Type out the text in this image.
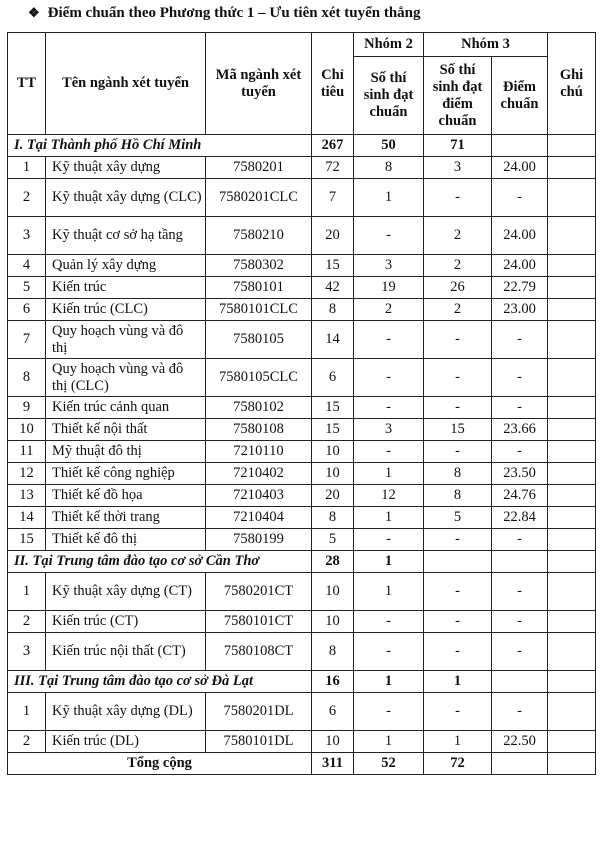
❖ Điểm chuẩn theo Phương thức 1 – Ưu tiên xét tuyển thẳng
TT	Tên ngành xét tuyển	Mã ngành xét tuyển	Chỉ tiêu	Nhóm 2	Nhóm 3		Ghi chú
				Số thí sinh đạt chuẩn	Số thí sinh đạt điểm chuẩn	Điểm chuẩn	
I. Tại Thành phố Hồ Chí Minh			267	50	71		
1	Kỹ thuật xây dựng	7580201	72	8	3	24.00	
2	Kỹ thuật xây dựng (CLC)	7580201CLC	7	1	-	-	
3	Kỹ thuật cơ sở hạ tầng	7580210	20	-	2	24.00	
4	Quản lý xây dựng	7580302	15	3	2	24.00	
5	Kiến trúc	7580101	42	19	26	22.79	
6	Kiến trúc (CLC)	7580101CLC	8	2	2	23.00	
7	Quy hoạch vùng và đô thị	7580105	14	-	-	-	
8	Quy hoạch vùng và đô thị (CLC)	7580105CLC	6	-	-	-	
9	Kiến trúc cảnh quan	7580102	15	-	-	-	
10	Thiết kế nội thất	7580108	15	3	15	23.66	
11	Mỹ thuật đô thị	7210110	10	-	-	-	
12	Thiết kế công nghiệp	7210402	10	1	8	23.50	
13	Thiết kế đồ họa	7210403	20	12	8	24.76	
14	Thiết kế thời trang	7210404	8	1	5	22.84	
15	Thiết kế đô thị	7580199	5	-	-	-	
II. Tại Trung tâm đào tạo cơ sở Cần Thơ			28	1			
1	Kỹ thuật xây dựng (CT)	7580201CT	10	1	-	-	
2	Kiến trúc (CT)	7580101CT	10	-	-	-	
3	Kiến trúc nội thất (CT)	7580108CT	8	-	-	-	
III. Tại Trung tâm đào tạo cơ sở Đà Lạt			16	1	1		
1	Kỹ thuật xây dựng (DL)	7580201DL	6	-	-	-	
2	Kiến trúc (DL)	7580101DL	10	1	1	22.50	
Tổng cộng			311	52	72		
